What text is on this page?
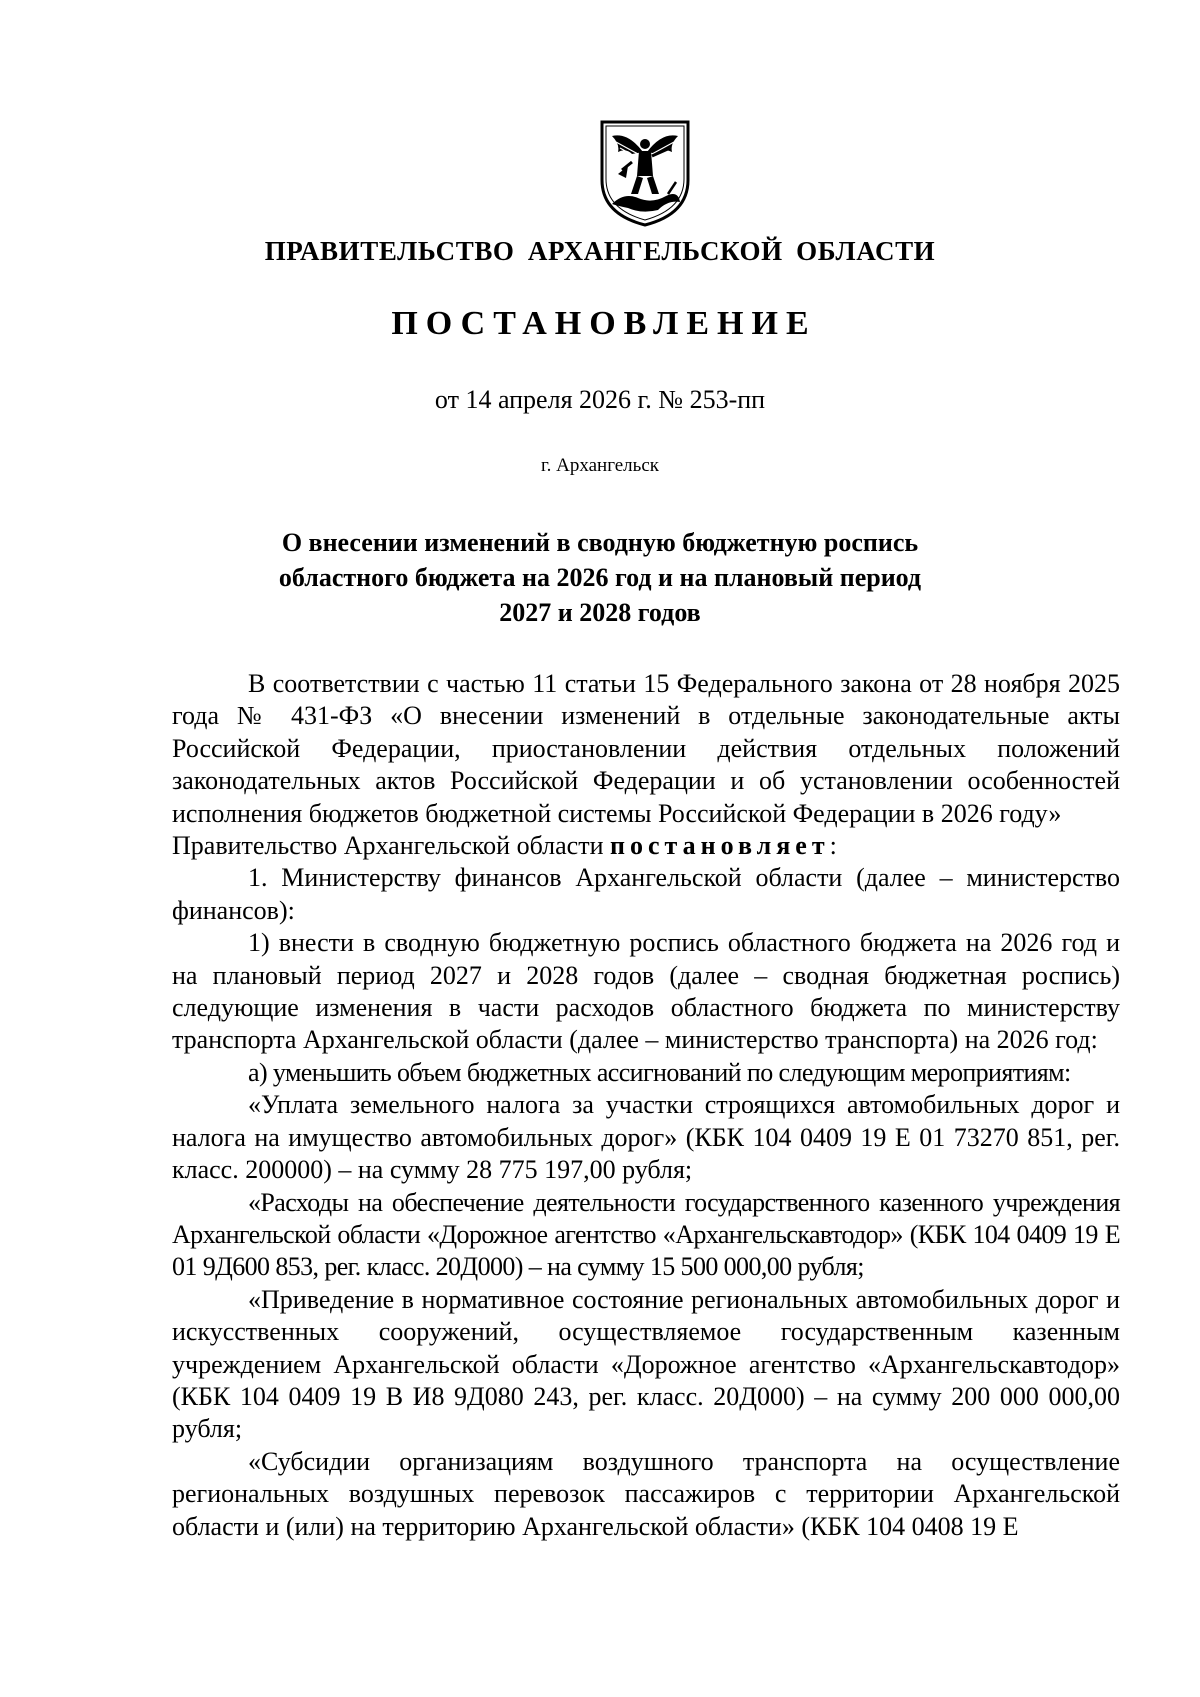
ПРАВИТЕЛЬСТВО АРХАНГЕЛЬСКОЙ ОБЛАСТИ
ПОСТАНОВЛЕНИЕ
от 14 апреля 2026 г. № 253-пп
г. Архангельск
О внесении изменений в сводную бюджетную роспись
областного бюджета на 2026 год и на плановый период
2027 и 2028 годов

В соответствии с частью 11 статьи 15 Федерального закона от 28 ноября 2025 года № 431-ФЗ «О внесении изменений в отдельные законодательные акты Российской Федерации, приостановлении действия отдельных положений законодательных актов Российской Федерации и об установлении особенностей исполнения бюджетов бюджетной системы Российской Федерации в 2026 году»

Правительство Архангельской области постановляет:

1. Министерству финансов Архангельской области (далее – министерство финансов):

1) внести в сводную бюджетную роспись областного бюджета на 2026 год и на плановый период 2027 и 2028 годов (далее – сводная бюджетная роспись) следующие изменения в части расходов областного бюджета по министерству транспорта Архангельской области (далее – министерство транспорта) на 2026 год:

а) уменьшить объем бюджетных ассигнований по следующим мероприятиям:

«Уплата земельного налога за участки строящихся автомобильных дорог и налога на имущество автомобильных дорог» (КБК 104 0409 19 Е 01 73270 851, рег. класс. 200000) – на сумму 28 775 197,00 рубля;

«Расходы на обеспечение деятельности государственного казенного учреждения Архангельской области «Дорожное агентство «Архангельскавтодор» (КБК 104 0409 19 Е 01 9Д600 853, рег. класс. 20Д000) – на сумму 15 500 000,00 рубля;

«Приведение в нормативное состояние региональных автомобильных дорог и искусственных сооружений, осуществляемое государственным казенным учреждением Архангельской области «Дорожное агентство «Архангельскавтодор» (КБК 104 0409 19 В И8 9Д080 243, рег. класс. 20Д000) – на сумму 200 000 000,00 рубля;

«Субсидии организациям воздушного транспорта на осуществление региональных воздушных перевозок пассажиров с территории Архангельской области и (или) на территорию Архангельской области» (КБК 104 0408 19 Е
